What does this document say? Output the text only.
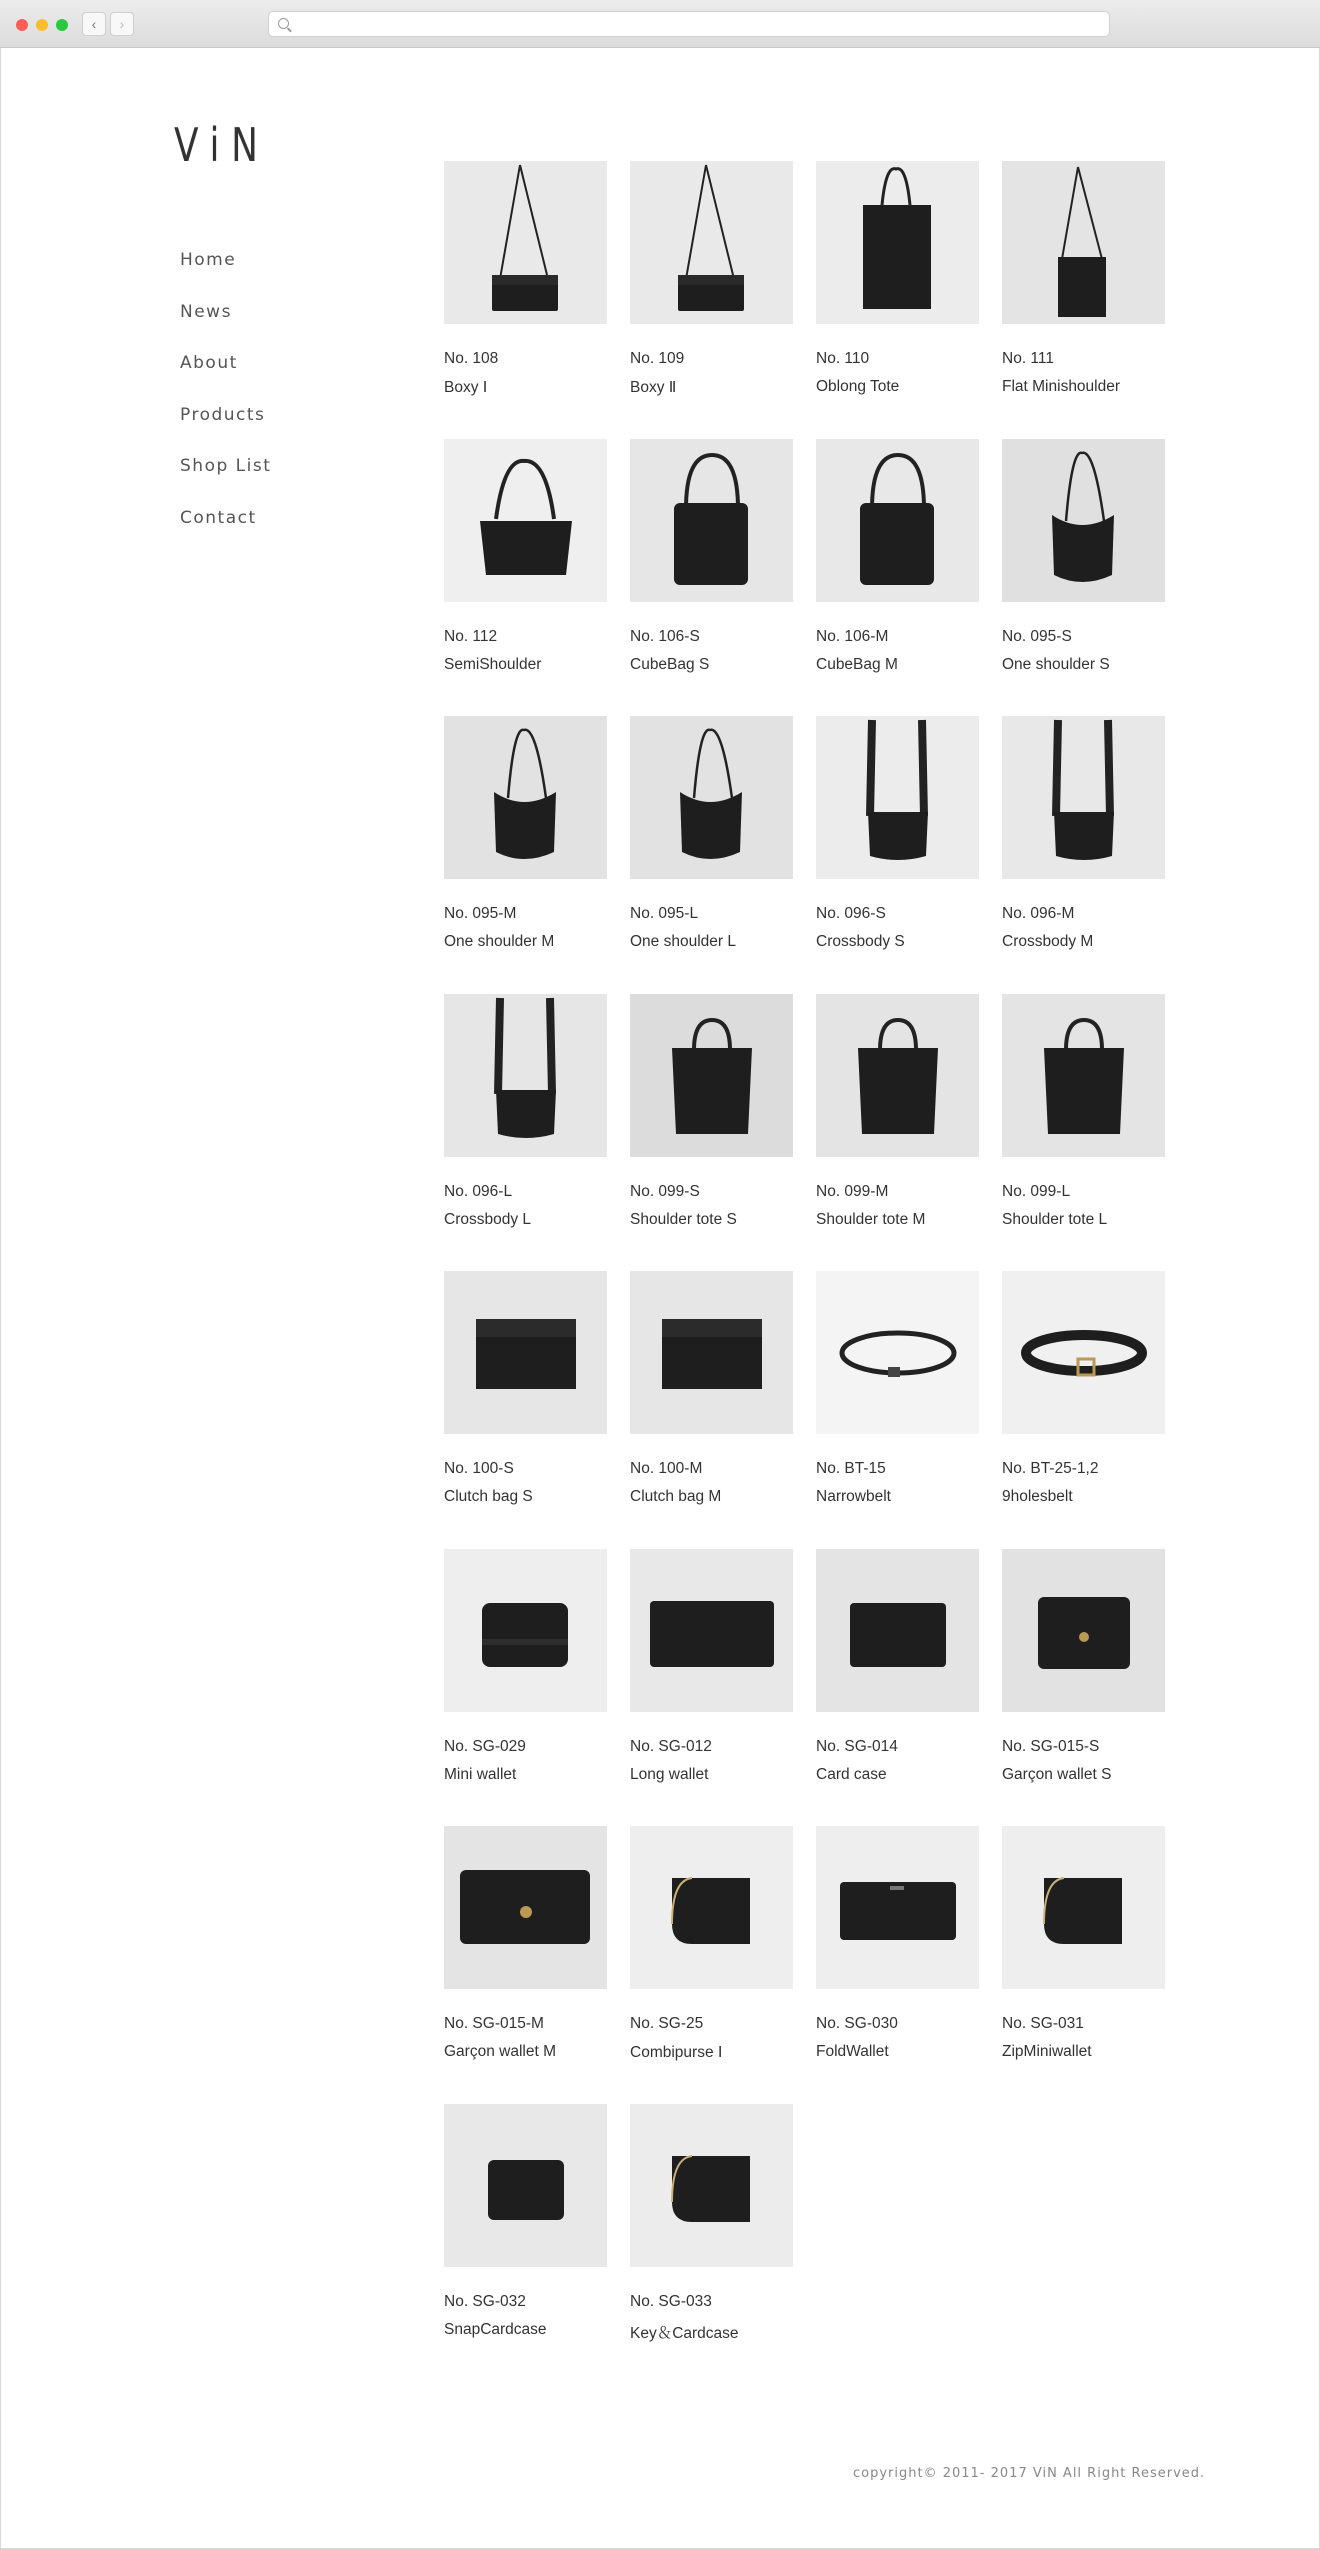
‹	›
ViN
Home
News
About
Products
Shop List
Contact
No. 108
Boxy Ⅰ
No. 109
Boxy Ⅱ
No. 110
Oblong Tote
No. 111
Flat Minishoulder
No. 112
SemiShoulder
No. 106-S
CubeBag S
No. 106-M
CubeBag M
No. 095-S
One shoulder S
No. 095-M
One shoulder M
No. 095-L
One shoulder L
No. 096-S
Crossbody S
No. 096-M
Crossbody M
No. 096-L
Crossbody L
No. 099-S
Shoulder tote S
No. 099-M
Shoulder tote M
No. 099-L
Shoulder tote L
No. 100-S
Clutch bag S
No. 100-M
Clutch bag M
No. BT-15
Narrowbelt
No. BT-25-1,2
9holesbelt
No. SG-029
Mini wallet
No. SG-012
Long wallet
No. SG-014
Card case
No. SG-015-S
Garçon wallet S
No. SG-015-M
Garçon wallet M
No. SG-25
Combipurse Ⅰ
No. SG-030
FoldWallet
No. SG-031
ZipMiniwallet
No. SG-032
SnapCardcase
No. SG-033
Key＆Cardcase
copyright© 2011- 2017 ViN All Right Reserved.
